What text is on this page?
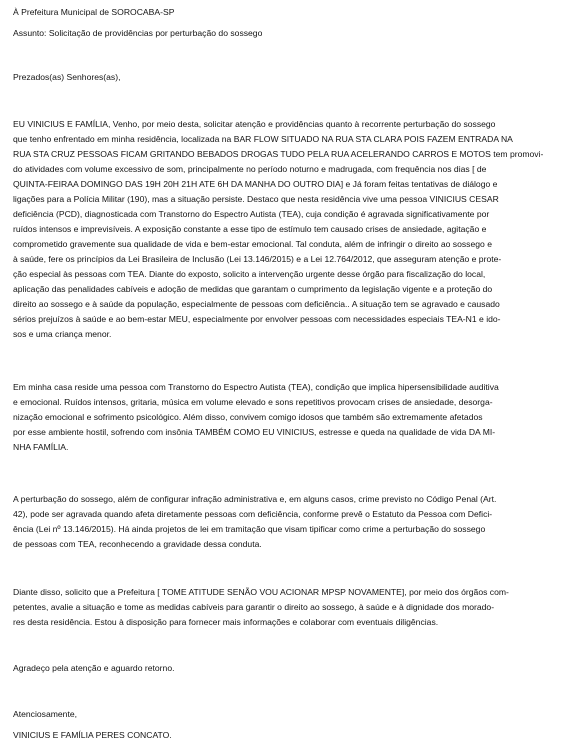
À Prefeitura Municipal de SOROCABA-SP

Assunto: Solicitação de providências por perturbação do sossego

Prezados(as) Senhores(as),

EU VINICIUS E FAMÍLIA, Venho, por meio desta, solicitar atenção e providências quanto à recorrente perturbação do sossego
que tenho enfrentado em minha residência, localizada na BAR FLOW SITUADO NA RUA STA CLARA POIS FAZEM ENTRADA NA
RUA STA CRUZ PESSOAS FICAM GRITANDO BEBADOS DROGAS TUDO PELA RUA ACELERANDO CARROS E MOTOS tem promovi-
do atividades com volume excessivo de som, principalmente no período noturno e madrugada, com frequência nos dias [ de
QUINTA-FEIRAA DOMINGO DAS 19H 20H 21H ATE 6H DA MANHA DO OUTRO DIA] e Já foram feitas tentativas de diálogo e
ligações para a Polícia Militar (190), mas a situação persiste. Destaco que nesta residência vive uma pessoa VINICIUS CESAR
deficiência (PCD), diagnosticada com Transtorno do Espectro Autista (TEA), cuja condição é agravada significativamente por
ruídos intensos e imprevisíveis. A exposição constante a esse tipo de estímulo tem causado crises de ansiedade, agitação e
comprometido gravemente sua qualidade de vida e bem-estar emocional. Tal conduta, além de infringir o direito ao sossego e
à saúde, fere os princípios da Lei Brasileira de Inclusão (Lei 13.146/2015) e a Lei 12.764/2012, que asseguram atenção e prote-
ção especial às pessoas com TEA. Diante do exposto, solicito a intervenção urgente desse órgão para fiscalização do local,
aplicação das penalidades cabíveis e adoção de medidas que garantam o cumprimento da legislação vigente e a proteção do
direito ao sossego e à saúde da população, especialmente de pessoas com deficiência.. A situação tem se agravado e causado
sérios prejuízos à saúde e ao bem-estar MEU, especialmente por envolver pessoas com necessidades especiais TEA-N1 e ido-
sos e uma criança menor.
Em minha casa reside uma pessoa com Transtorno do Espectro Autista (TEA), condição que implica hipersensibilidade auditiva
e emocional. Ruídos intensos, gritaria, música em volume elevado e sons repetitivos provocam crises de ansiedade, desorga-
nização emocional e sofrimento psicológico. Além disso, convivem comigo idosos que também são extremamente afetados
por esse ambiente hostil, sofrendo com insônia TAMBÉM COMO EU VINICIUS, estresse e queda na qualidade de vida DA MI-
NHA FAMÍLIA.
A perturbação do sossego, além de configurar infração administrativa e, em alguns casos, crime previsto no Código Penal (Art.
42), pode ser agravada quando afeta diretamente pessoas com deficiência, conforme prevê o Estatuto da Pessoa com Defici-
ência (Lei nº 13.146/2015). Há ainda projetos de lei em tramitação que visam tipificar como crime a perturbação do sossego
de pessoas com TEA, reconhecendo a gravidade dessa conduta.
Diante disso, solicito que a Prefeitura [ TOME ATITUDE SENÃO VOU ACIONAR MPSP NOVAMENTE], por meio dos órgãos com-
petentes, avalie a situação e tome as medidas cabíveis para garantir o direito ao sossego, à saúde e à dignidade dos morado-
res desta residência. Estou à disposição para fornecer mais informações e colaborar com eventuais diligências.

Agradeço pela atenção e aguardo retorno.

Atenciosamente,

VINICIUS E FAMÍLIA PERES CONCATO.
